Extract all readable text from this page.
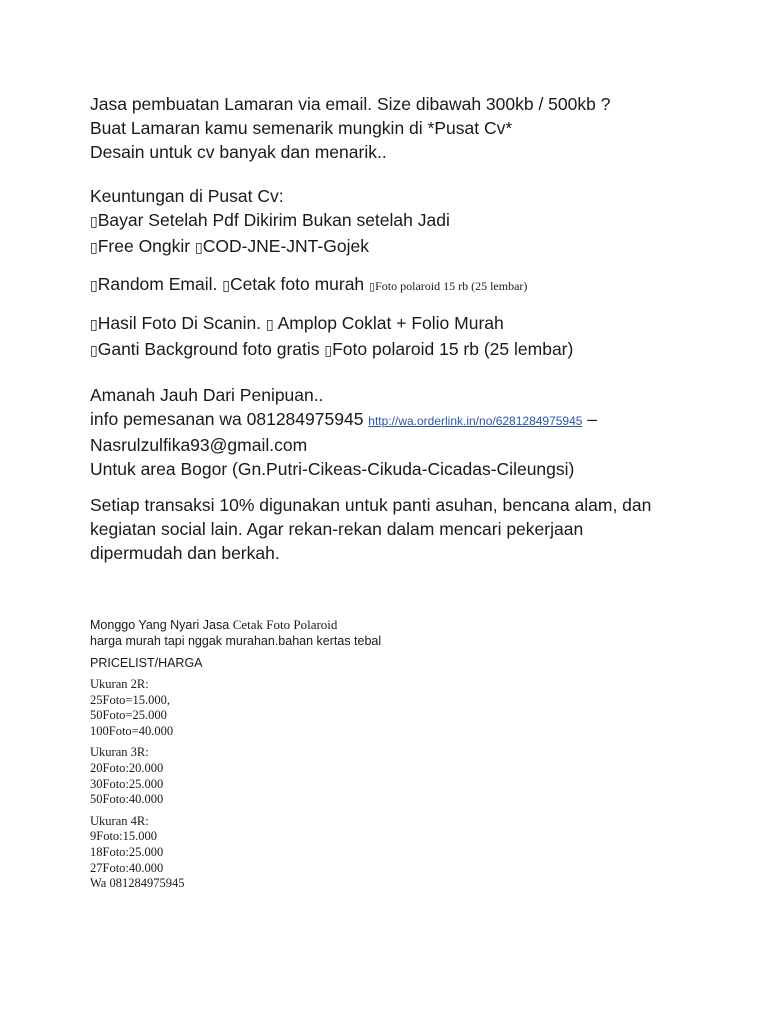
Jasa pembuatan Lamaran via email. Size dibawah 300kb / 500kb ?

Buat Lamaran kamu semenarik mungkin di *Pusat Cv*

Desain untuk cv banyak dan menarik..

Keuntungan di Pusat Cv:

▯Bayar Setelah Pdf Dikirim Bukan setelah Jadi

▯Free Ongkir ▯COD-JNE-JNT-Gojek

▯Random Email. ▯Cetak foto murah ▯Foto polaroid 15 rb (25 lembar)

▯Hasil Foto Di Scanin. ▯ Amplop Coklat + Folio Murah

▯Ganti Background foto gratis ▯Foto polaroid 15 rb (25 lembar)

Amanah Jauh Dari Penipuan..

info pemesanan wa 081284975945 http://wa.orderlink.in/no/6281284975945 –

Nasrulzulfika93@gmail.com

Untuk area Bogor (Gn.Putri-Cikeas-Cikuda-Cicadas-Cileungsi)

Setiap transaksi 10% digunakan untuk panti asuhan, bencana alam, dan

kegiatan social lain. Agar rekan-rekan dalam mencari pekerjaan

dipermudah dan berkah.

Monggo Yang Nyari Jasa Cetak Foto Polaroid

harga murah tapi nggak murahan.bahan kertas tebal

PRICELIST/HARGA

Ukuran 2R:

25Foto=15.000,

50Foto=25.000

100Foto=40.000

Ukuran 3R:

20Foto:20.000

30Foto:25.000

50Foto:40.000

Ukuran 4R:

9Foto:15.000

18Foto:25.000

27Foto:40.000

Wa 081284975945
